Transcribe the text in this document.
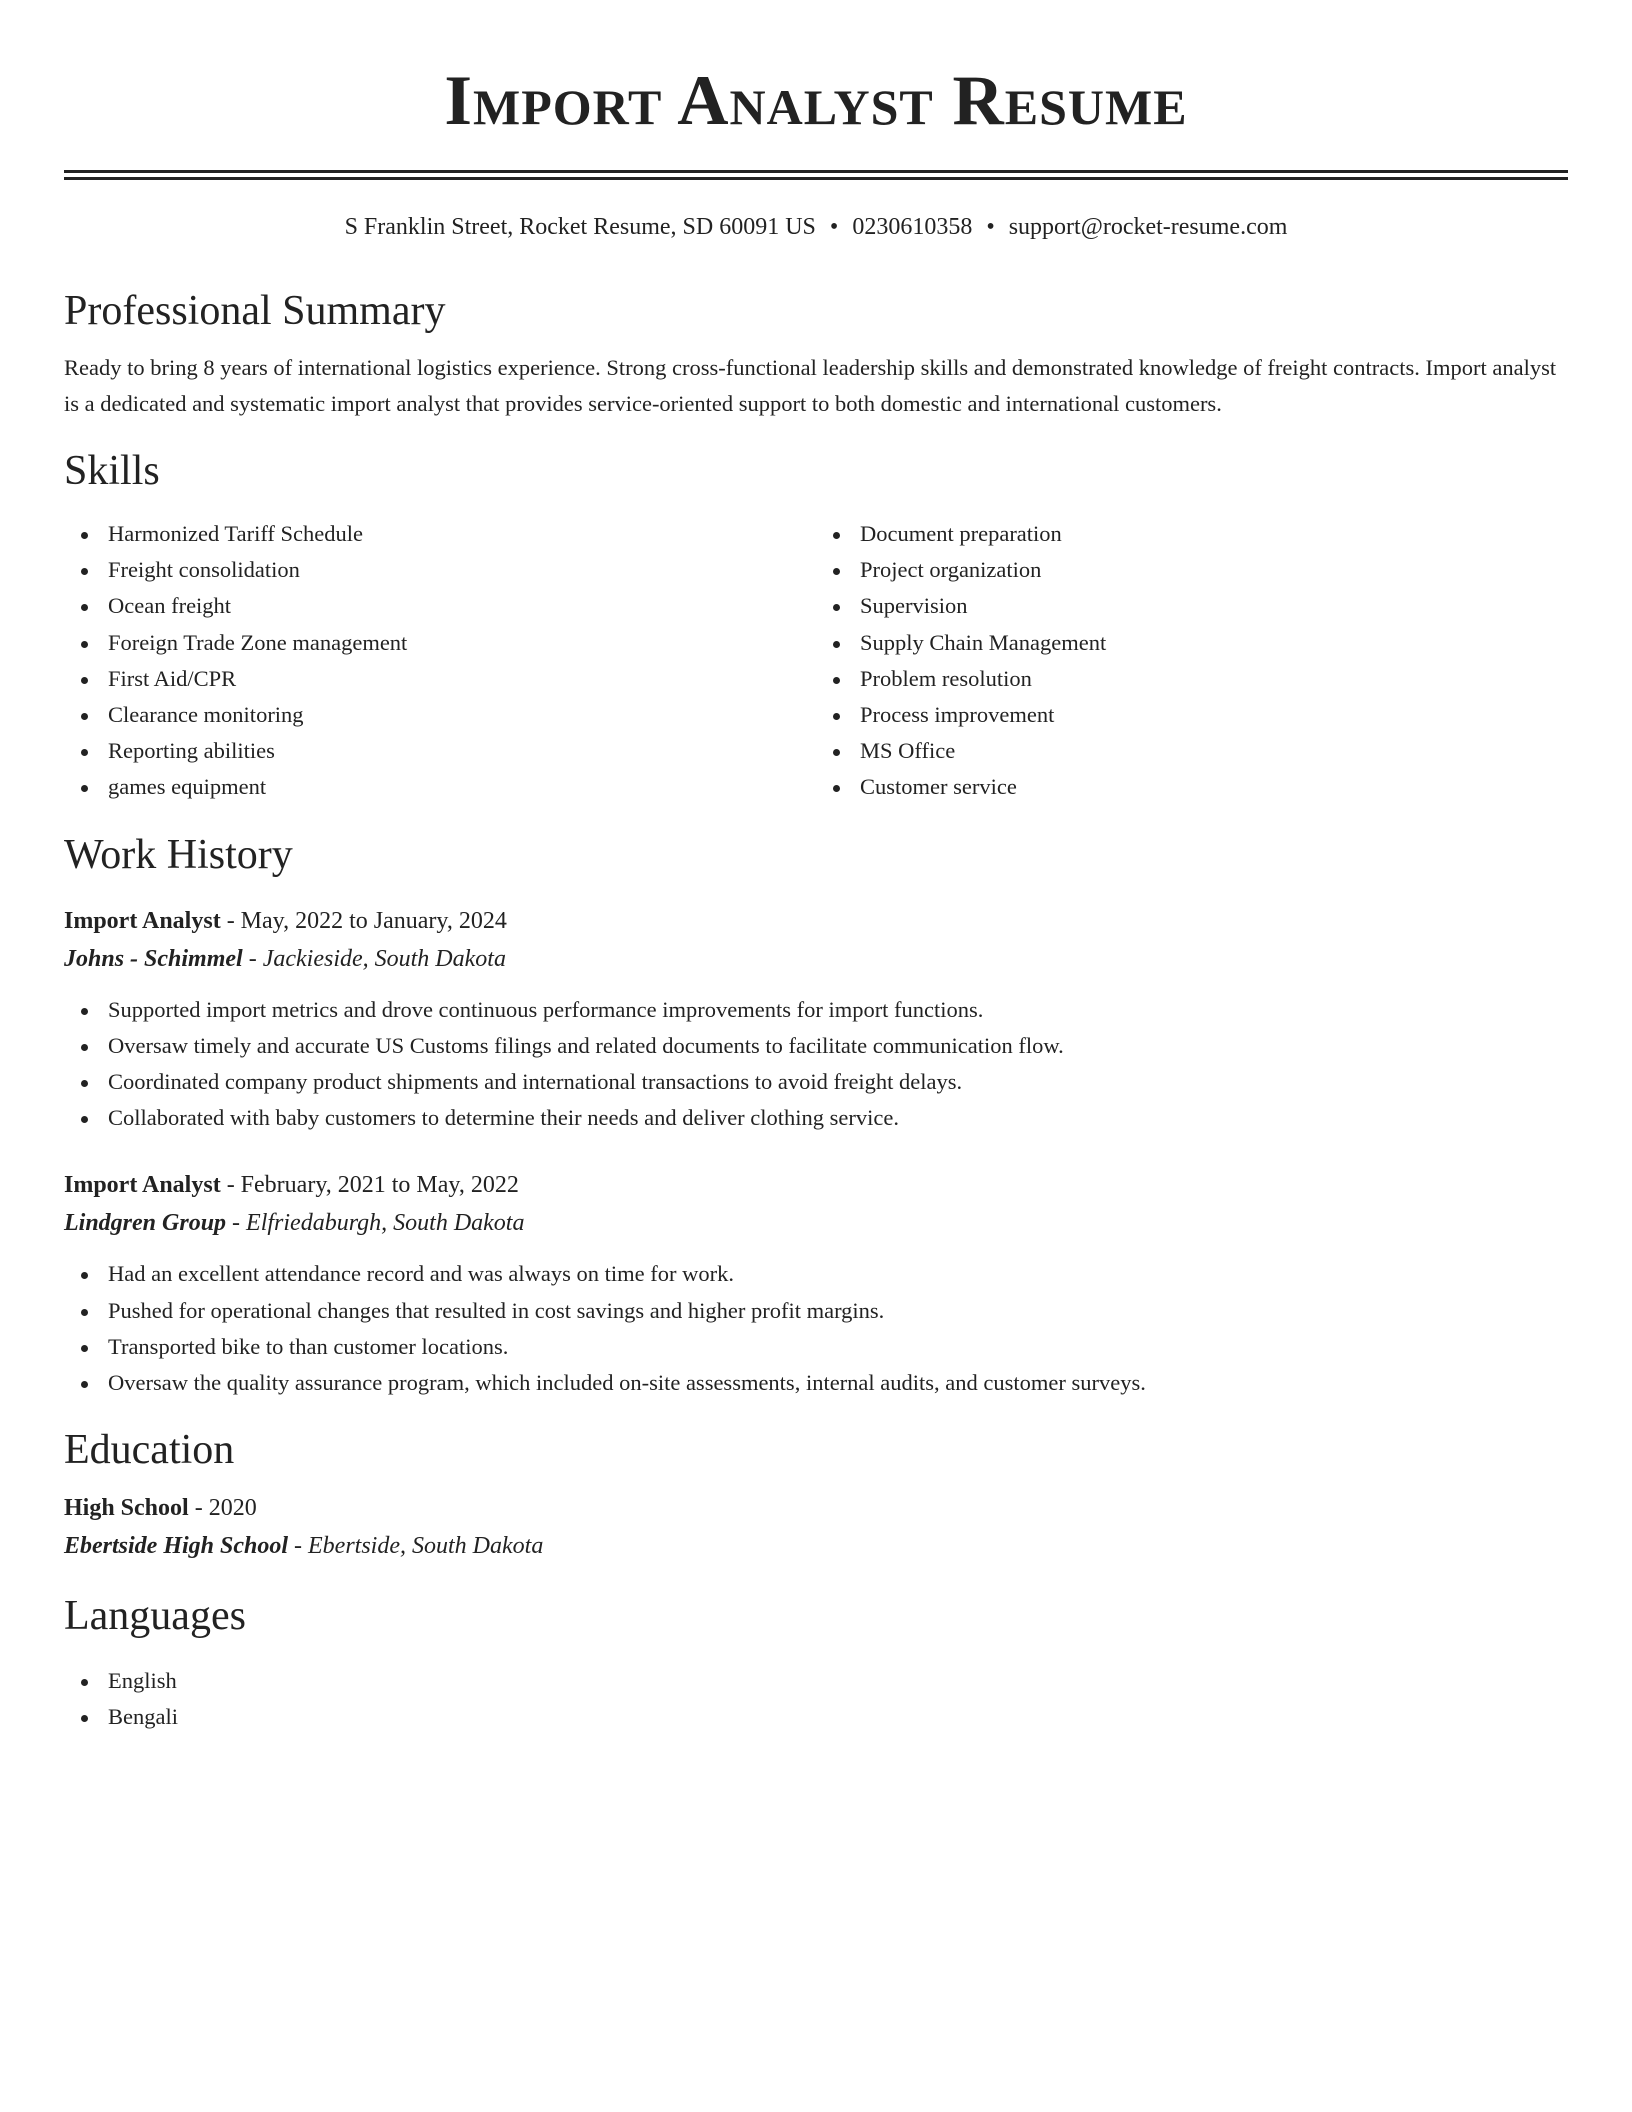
Import Analyst Resume
S Franklin Street, Rocket Resume, SD 60091 US • 0230610358 • support@rocket-resume.com
Professional Summary

Ready to bring 8 years of international logistics experience. Strong cross-functional leadership skills and demonstrated knowledge of freight contracts. Import analyst is a dedicated and systematic import analyst that provides service-oriented support to both domestic and international customers.

Skills
Harmonized Tariff Schedule
Freight consolidation
Ocean freight
Foreign Trade Zone management
First Aid/CPR
Clearance monitoring
Reporting abilities
games equipment
Document preparation
Project organization
Supervision
Supply Chain Management
Problem resolution
Process improvement
MS Office
Customer service
Work History
Import Analyst - May, 2022 to January, 2024
Johns - Schimmel - Jackieside, South Dakota
Supported import metrics and drove continuous performance improvements for import functions.
Oversaw timely and accurate US Customs filings and related documents to facilitate communication flow.
Coordinated company product shipments and international transactions to avoid freight delays.
Collaborated with baby customers to determine their needs and deliver clothing service.
Import Analyst - February, 2021 to May, 2022
Lindgren Group - Elfriedaburgh, South Dakota
Had an excellent attendance record and was always on time for work.
Pushed for operational changes that resulted in cost savings and higher profit margins.
Transported bike to than customer locations.
Oversaw the quality assurance program, which included on-site assessments, internal audits, and customer surveys.
Education
High School - 2020
Ebertside High School - Ebertside, South Dakota
Languages
English
Bengali
